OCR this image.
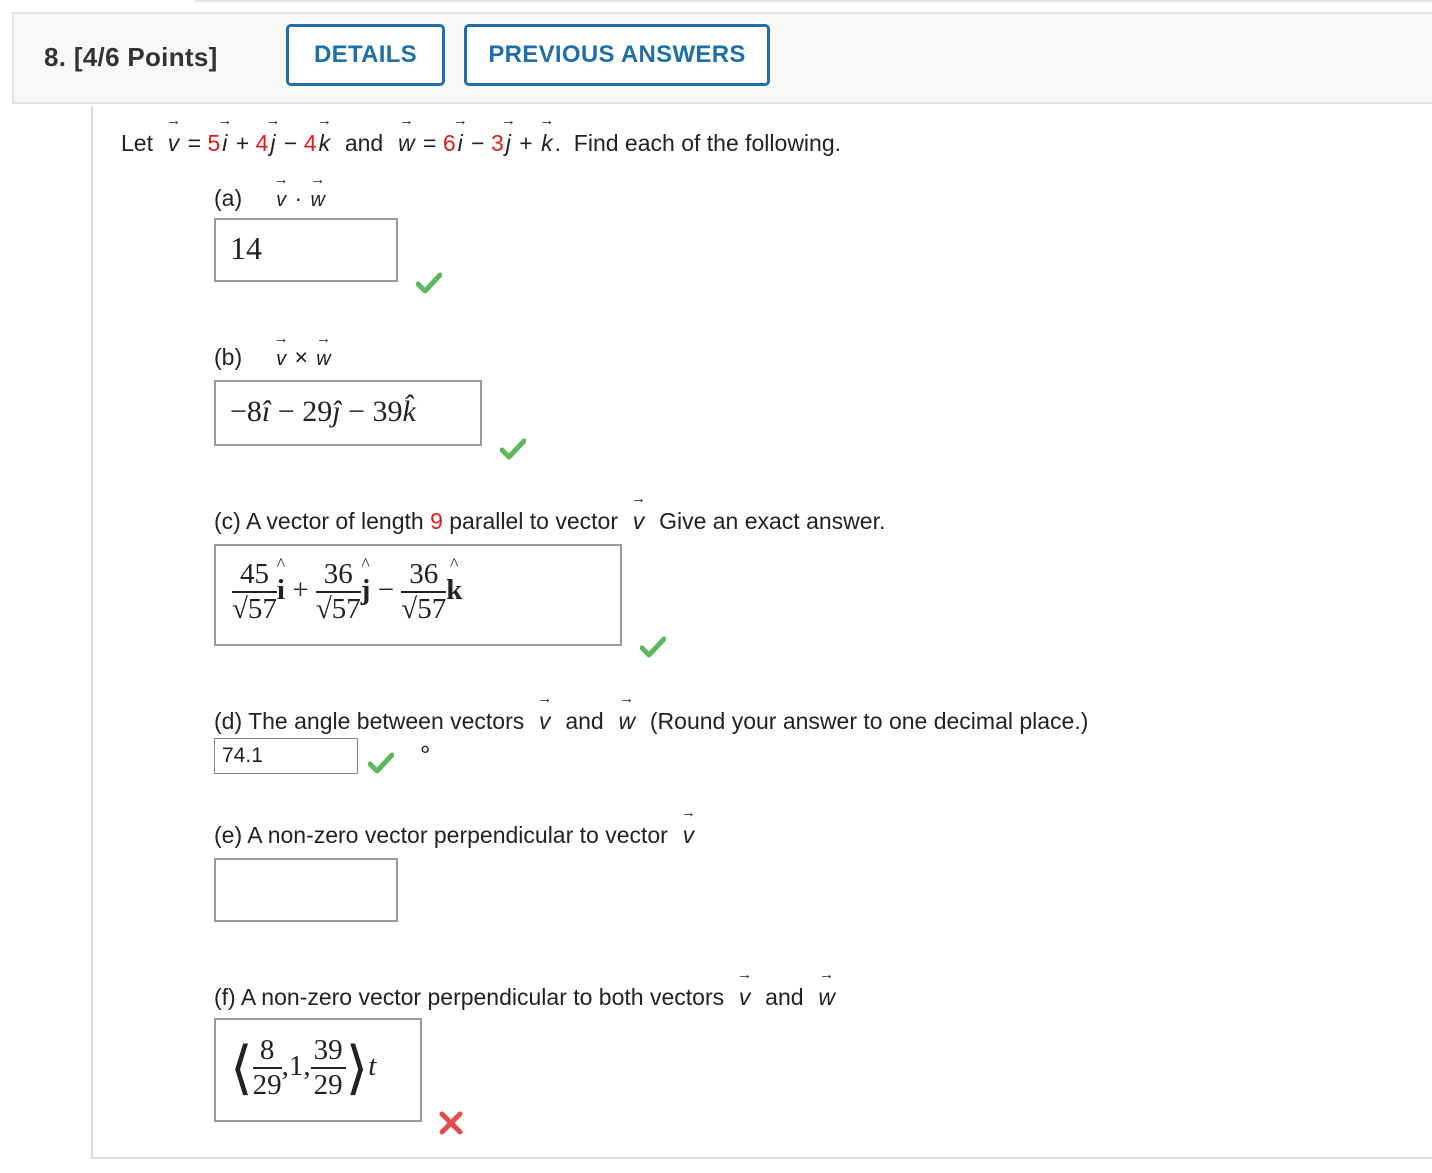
8. [4/6 Points]	DETAILS	PREVIOUS ANSWERS
Let → v = 5→ i + 4→ j − 4→ k and → w = 6→ i − 3→ j + → k.  Find each of the following.
(a) → v · → w
14
(b) → v × → w
−8î − 29ĵ − 39k̂
(c) A vector of length 9 parallel to vector → v Give an exact answer.
$\frac{45}{√57}$ ^ $i + \frac{36}{√57}$ ^ $j - \frac{36}{√57}$ ^ k
(d) The angle between vectors → v and → w (Round your answer to one decimal place.)
74.1	°
(e) A non-zero vector perpendicular to vector → v
(f) A non-zero vector perpendicular to both vectors → v and → w
⟨ $\frac{8}{29} ,1$, $\frac{39}{29}$ ⟩t
